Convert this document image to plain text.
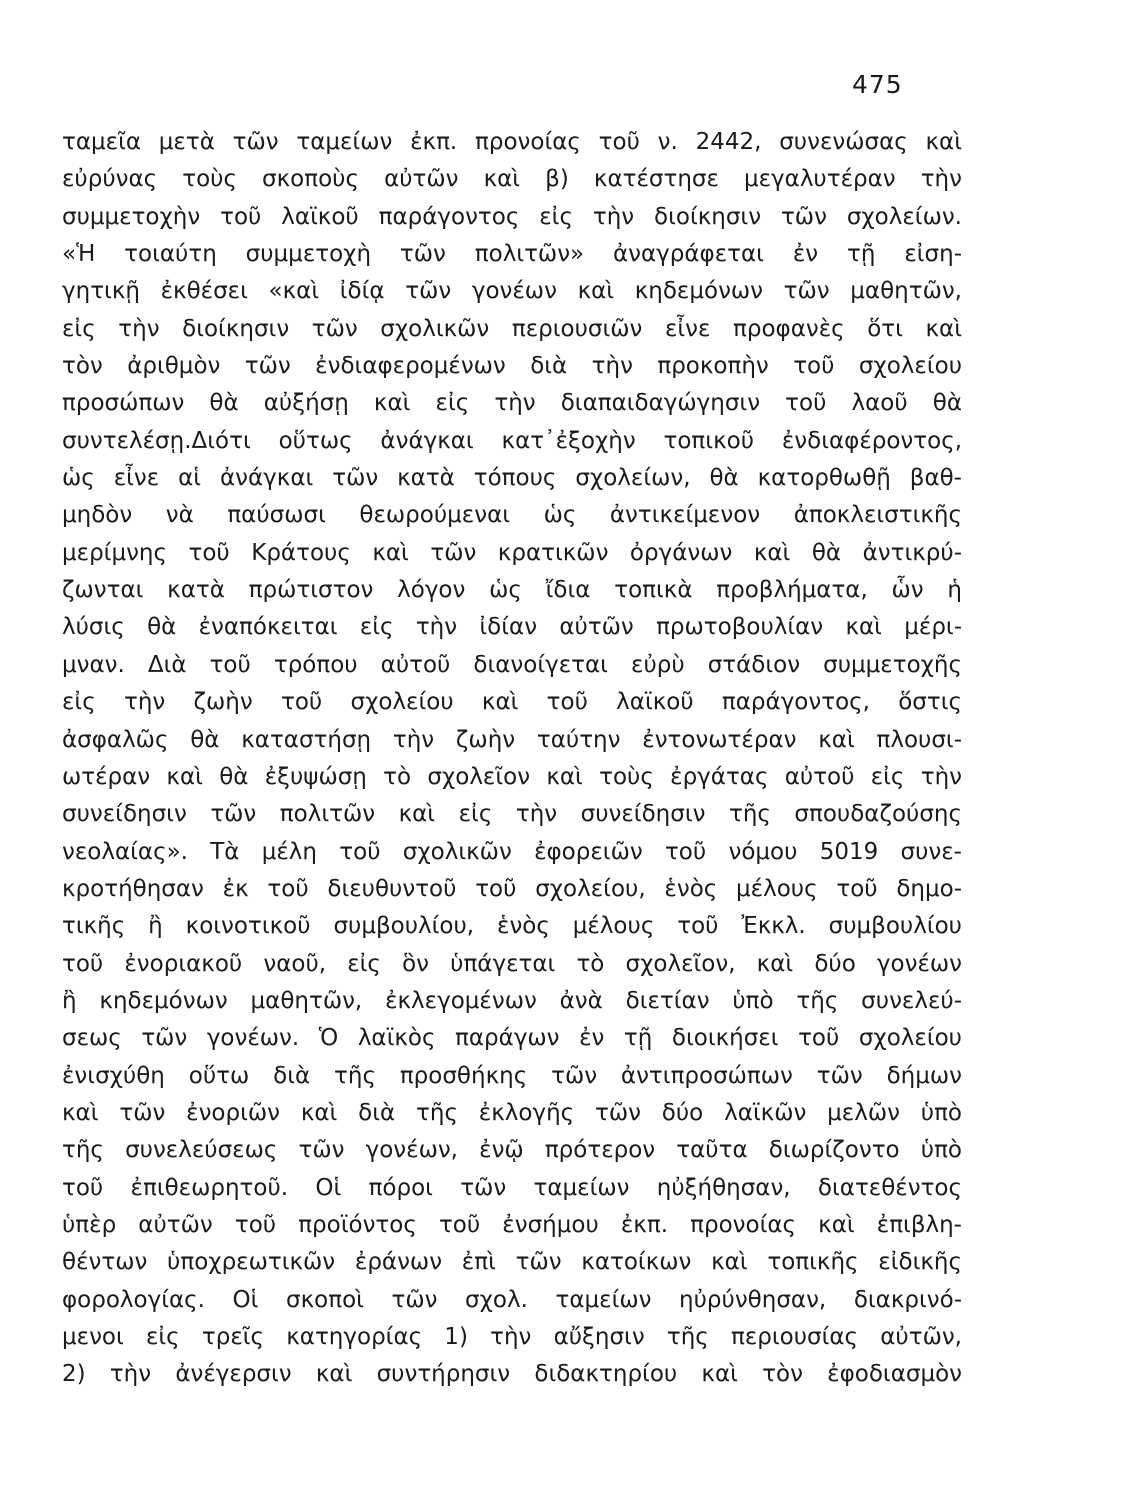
475
ταμεῖα μετὰ τῶν ταμείων ἐκπ. προνοίας τοῦ ν. 2442, συνενώσας καὶ
εὐρύνας τοὺς σκοποὺς αὐτῶν καὶ β) κατέστησε μεγαλυτέραν τὴν
συμμετοχὴν τοῦ λαϊκοῦ παράγοντος εἰς τὴν διοίκησιν τῶν σχολείων.
«Ἡ τοιαύτη συμμετοχὴ τῶν πολιτῶν» ἀναγράφεται ἐν τῇ εἰση-
γητικῇ ἐκθέσει «καὶ ἰδίᾳ τῶν γονέων καὶ κηδεμόνων τῶν μαθητῶν,
εἰς τὴν διοίκησιν τῶν σχολικῶν περιουσιῶν εἶνε προφανὲς ὅτι καὶ
τὸν ἀριθμὸν τῶν ἐνδιαφερομένων διὰ τὴν προκοπὴν τοῦ σχολείου
προσώπων θὰ αὐξήσῃ καὶ εἰς τὴν διαπαιδαγώγησιν τοῦ λαοῦ θὰ
συντελέσῃ.Διότι οὕτως ἀνάγκαι κατ᾽ἐξοχὴν τοπικοῦ ἐνδιαφέροντος,
ὡς εἶνε αἱ ἀνάγκαι τῶν κατὰ τόπους σχολείων, θὰ κατορθωθῇ βαθ-
μηδὸν νὰ παύσωσι θεωρούμεναι ὡς ἀντικείμενον ἀποκλειστικῆς
μερίμνης τοῦ Κράτους καὶ τῶν κρατικῶν ὀργάνων καὶ θὰ ἀντικρύ-
ζωνται κατὰ πρώτιστον λόγον ὡς ἴδια τοπικὰ προβλήματα, ὧν ἡ
λύσις θὰ ἐναπόκειται εἰς τὴν ἰδίαν αὐτῶν πρωτοβουλίαν καὶ μέρι-
μναν. Διὰ τοῦ τρόπου αὐτοῦ διανοίγεται εὐρὺ στάδιον συμμετοχῆς
εἰς τὴν ζωὴν τοῦ σχολείου καὶ τοῦ λαϊκοῦ παράγοντος, ὅστις
ἀσφαλῶς θὰ καταστήσῃ τὴν ζωὴν ταύτην ἐντονωτέραν καὶ πλουσι-
ωτέραν καὶ θὰ ἐξυψώσῃ τὸ σχολεῖον καὶ τοὺς ἐργάτας αὐτοῦ εἰς τὴν
συνείδησιν τῶν πολιτῶν καὶ εἰς τὴν συνείδησιν τῆς σπουδαζούσης
νεολαίας». Τὰ μέλη τοῦ σχολικῶν ἐφορειῶν τοῦ νόμου 5019 συνε-
κροτήθησαν ἐκ τοῦ διευθυντοῦ τοῦ σχολείου, ἑνὸς μέλους τοῦ δημο-
τικῆς ἢ κοινοτικοῦ συμβουλίου, ἑνὸς μέλους τοῦ Ἐκκλ. συμβουλίου
τοῦ ἐνοριακοῦ ναοῦ, εἰς ὃν ὑπάγεται τὸ σχολεῖον, καὶ δύο γονέων
ἢ κηδεμόνων μαθητῶν, ἐκλεγομένων ἀνὰ διετίαν ὑπὸ τῆς συνελεύ-
σεως τῶν γονέων. Ὁ λαϊκὸς παράγων ἐν τῇ διοικήσει τοῦ σχολείου
ἐνισχύθη οὕτω διὰ τῆς προσθήκης τῶν ἀντιπροσώπων τῶν δήμων
καὶ τῶν ἐνοριῶν καὶ διὰ τῆς ἐκλογῆς τῶν δύο λαϊκῶν μελῶν ὑπὸ
τῆς συνελεύσεως τῶν γονέων, ἐνῷ πρότερον ταῦτα διωρίζοντο ὑπὸ
τοῦ ἐπιθεωρητοῦ. Οἱ πόροι τῶν ταμείων ηὐξήθησαν, διατεθέντος
ὑπὲρ αὐτῶν τοῦ προϊόντος τοῦ ἐνσήμου ἐκπ. προνοίας καὶ ἐπιβλη-
θέντων ὑποχρεωτικῶν ἐράνων ἐπὶ τῶν κατοίκων καὶ τοπικῆς εἰδικῆς
φορολογίας. Οἱ σκοποὶ τῶν σχολ. ταμείων ηὐρύνθησαν, διακρινό-
μενοι εἰς τρεῖς κατηγορίας 1) τὴν αὔξησιν τῆς περιουσίας αὐτῶν,
2) τὴν ἀνέγερσιν καὶ συντήρησιν διδακτηρίου καὶ τὸν ἐφοδιασμὸν
